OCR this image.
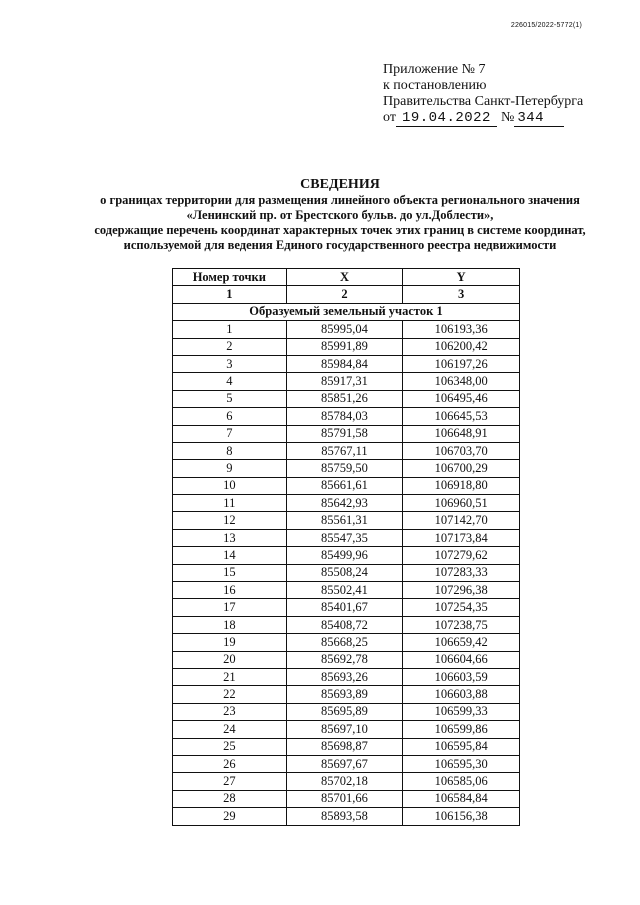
226015/2022-5772(1)
Приложение № 7
к постановлению
Правительства Санкт-Петербурга
от 19.04.2022 № 344
СВЕДЕНИЯ
о границах территории для размещения линейного объекта регионального значения
«Ленинский пр. от Брестского бульв. до ул.Доблести»,
содержащие перечень координат характерных точек этих границ в системе координат,
используемой для ведения Единого государственного реестра недвижимости
Номер точки	X	Y
1	2	3
Образуемый земельный участок 1		
1	85995,04	106193,36
2	85991,89	106200,42
3	85984,84	106197,26
4	85917,31	106348,00
5	85851,26	106495,46
6	85784,03	106645,53
7	85791,58	106648,91
8	85767,11	106703,70
9	85759,50	106700,29
10	85661,61	106918,80
11	85642,93	106960,51
12	85561,31	107142,70
13	85547,35	107173,84
14	85499,96	107279,62
15	85508,24	107283,33
16	85502,41	107296,38
17	85401,67	107254,35
18	85408,72	107238,75
19	85668,25	106659,42
20	85692,78	106604,66
21	85693,26	106603,59
22	85693,89	106603,88
23	85695,89	106599,33
24	85697,10	106599,86
25	85698,87	106595,84
26	85697,67	106595,30
27	85702,18	106585,06
28	85701,66	106584,84
29	85893,58	106156,38
